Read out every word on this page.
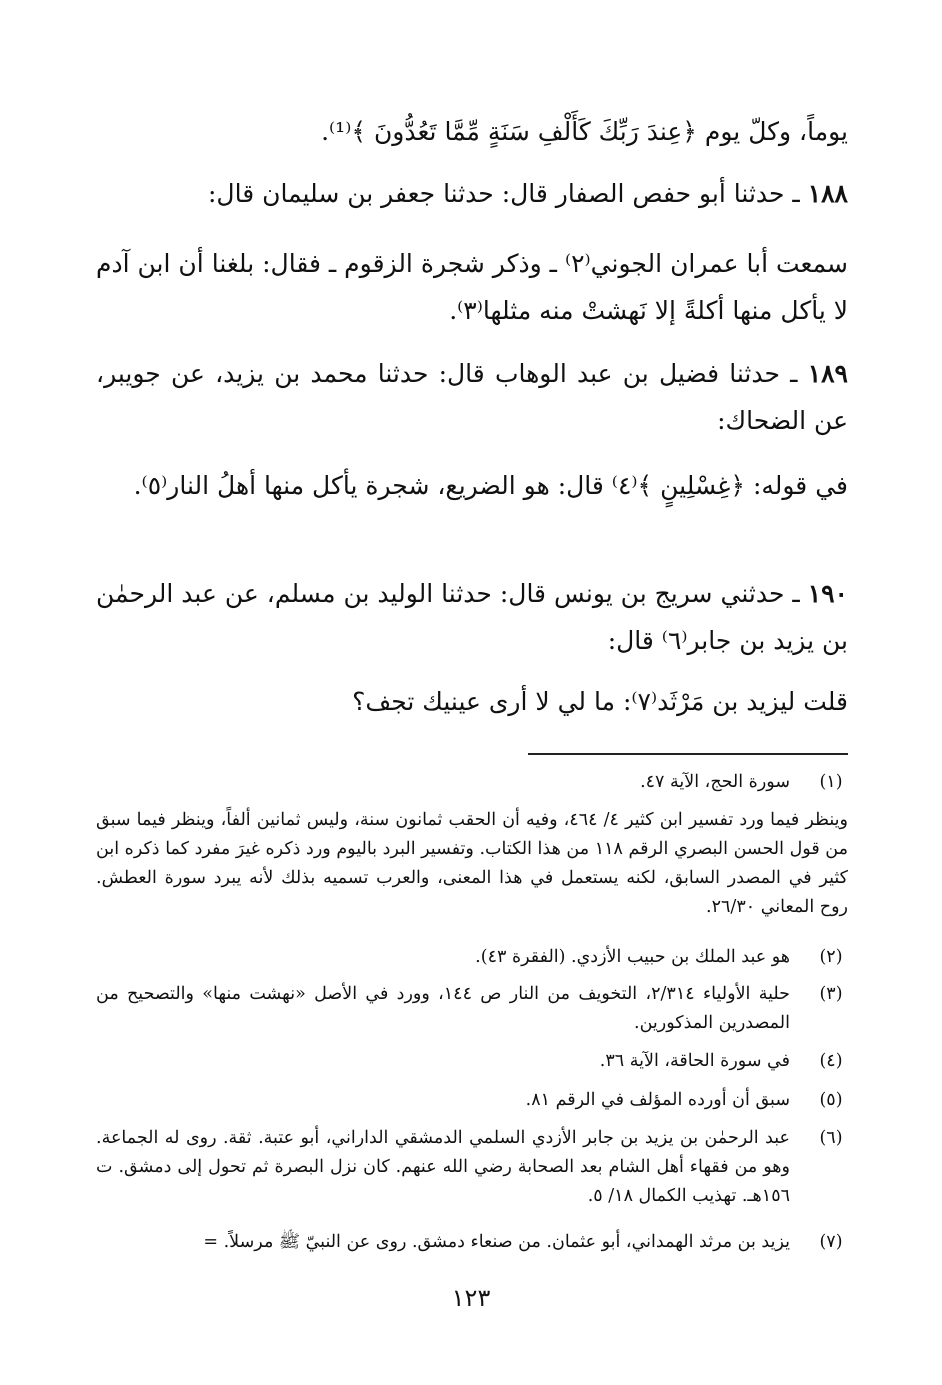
يوماً، وكلّ يوم ﴿عِندَ رَبِّكَ كَأَلْفِ سَنَةٍ مِّمَّا تَعُدُّونَ ﴾⁽¹⁾.

١٨٨ ـ حدثنا أبو حفص الصفار قال: حدثنا جعفر بن سليمان قال:

سمعت أبا عمران الجوني⁽٢⁾ ـ وذكر شجرة الزقوم ـ فقال: بلغنا أن ابن آدم لا يأكل منها أكلةً إلا نَهشتْ منه مثلها⁽٣⁾.

١٨٩ ـ حدثنا فضيل بن عبد الوهاب قال: حدثنا محمد بن يزيد، عن جويبر، عن الضحاك:

في قوله: ﴿غِسْلِينٍ ﴾⁽٤⁾ قال: هو الضريع، شجرة يأكل منها أهلُ النار⁽٥⁾.

١٩٠ ـ حدثني سريج بن يونس قال: حدثنا الوليد بن مسلم، عن عبد الرحمٰن بن يزيد بن جابر⁽٦⁾ قال:

قلت ليزيد بن مَرْثَد⁽٧⁾: ما لي لا أرى عينيك تجف؟

(١)
سورة الحج، الآية ٤٧.
وينظر فيما ورد تفسير ابن كثير ٤/ ٤٦٤، وفيه أن الحقب ثمانون سنة، وليس ثمانين ألفاً، وينظر فيما سبق من قول الحسن البصري الرقم ١١٨ من هذا الكتاب. وتفسير البرد باليوم ورد ذكره غيرَ مفرد كما ذكره ابن كثير في المصدر السابق، لكنه يستعمل في هذا المعنى، والعرب تسميه بذلك لأنه يبرد سورة العطش. روح المعاني ٢٦/٣٠.
(٢)
هو عبد الملك بن حبيب الأزدي. (الفقرة ٤٣).
(٣)
حلية الأولياء ٢/٣١٤، التخويف من النار ص ١٤٤، وورد في الأصل «نهشت منها» والتصحيح من المصدرين المذكورين.
(٤)
في سورة الحاقة، الآية ٣٦.
(٥)
سبق أن أورده المؤلف في الرقم ٨١.
(٦)
عبد الرحمٰن بن يزيد بن جابر الأزدي السلمي الدمشقي الداراني، أبو عتبة. ثقة. روى له الجماعة. وهو من فقهاء أهل الشام بعد الصحابة رضي الله عنهم. كان نزل البصرة ثم تحول إلى دمشق. ت ١٥٦هـ. تهذيب الكمال ١٨/ ٥.
(٧)
يزيد بن مرثد الهمداني، أبو عثمان. من صنعاء دمشق. روى عن النبيّ ﷺ مرسلاً. =
١٢٣
